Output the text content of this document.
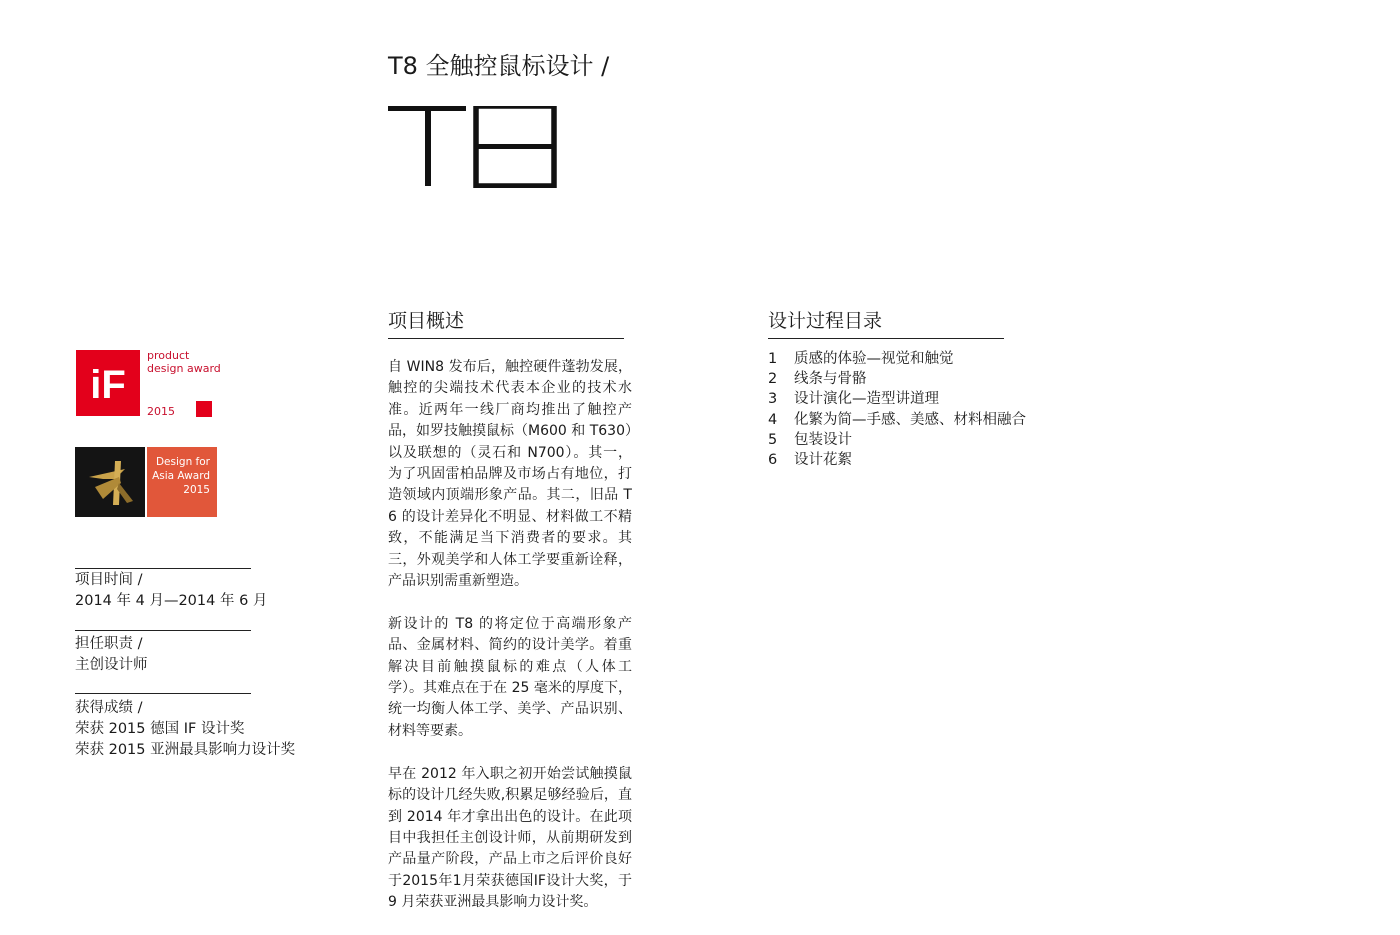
T8 全触控鼠标设计 /
iF
product
design award
2015
Design for
Asia Award
2015
项目时间 /
2014 年 4 月—2014 年 6 月
担任职责 /
主创设计师
获得成绩 /
荣获 2015 德国 IF 设计奖
荣获 2015 亚洲最具影响力设计奖
项目概述

自 WIN8 发布后，触控硬件蓬勃发展，触控的尖端技术代表本企业的技术水准。近两年一线厂商均推出了触控产品，如罗技触摸鼠标（M600 和 T630）以及联想的（灵石和 N700）。其一，为了巩固雷柏品牌及市场占有地位，打造领域内顶端形象产品。其二，旧品 T6 的设计差异化不明显、材料做工不精致，不能满足当下消费者的要求。其三，外观美学和人体工学要重新诠释，产品识别需重新塑造。

新设计的 T8 的将定位于高端形象产品、金属材料、简约的设计美学。着重解决目前触摸鼠标的难点（人体工学）。其难点在于在 25 毫米的厚度下，统一均衡人体工学、美学、产品识别、材料等要素。

早在 2012 年入职之初开始尝试触摸鼠标的设计几经失败,积累足够经验后，直到 2014 年才拿出出色的设计。在此项目中我担任主创设计师，从前期研发到产品量产阶段，产品上市之后评价良好于2015年1月荣获德国IF设计大奖，于 9 月荣获亚洲最具影响力设计奖。

设计过程目录
1 质感的体验—视觉和触觉
2 线条与骨骼
3 设计演化—造型讲道理
4 化繁为简—手感、美感、材料相融合
5 包装设计
6 设计花絮
